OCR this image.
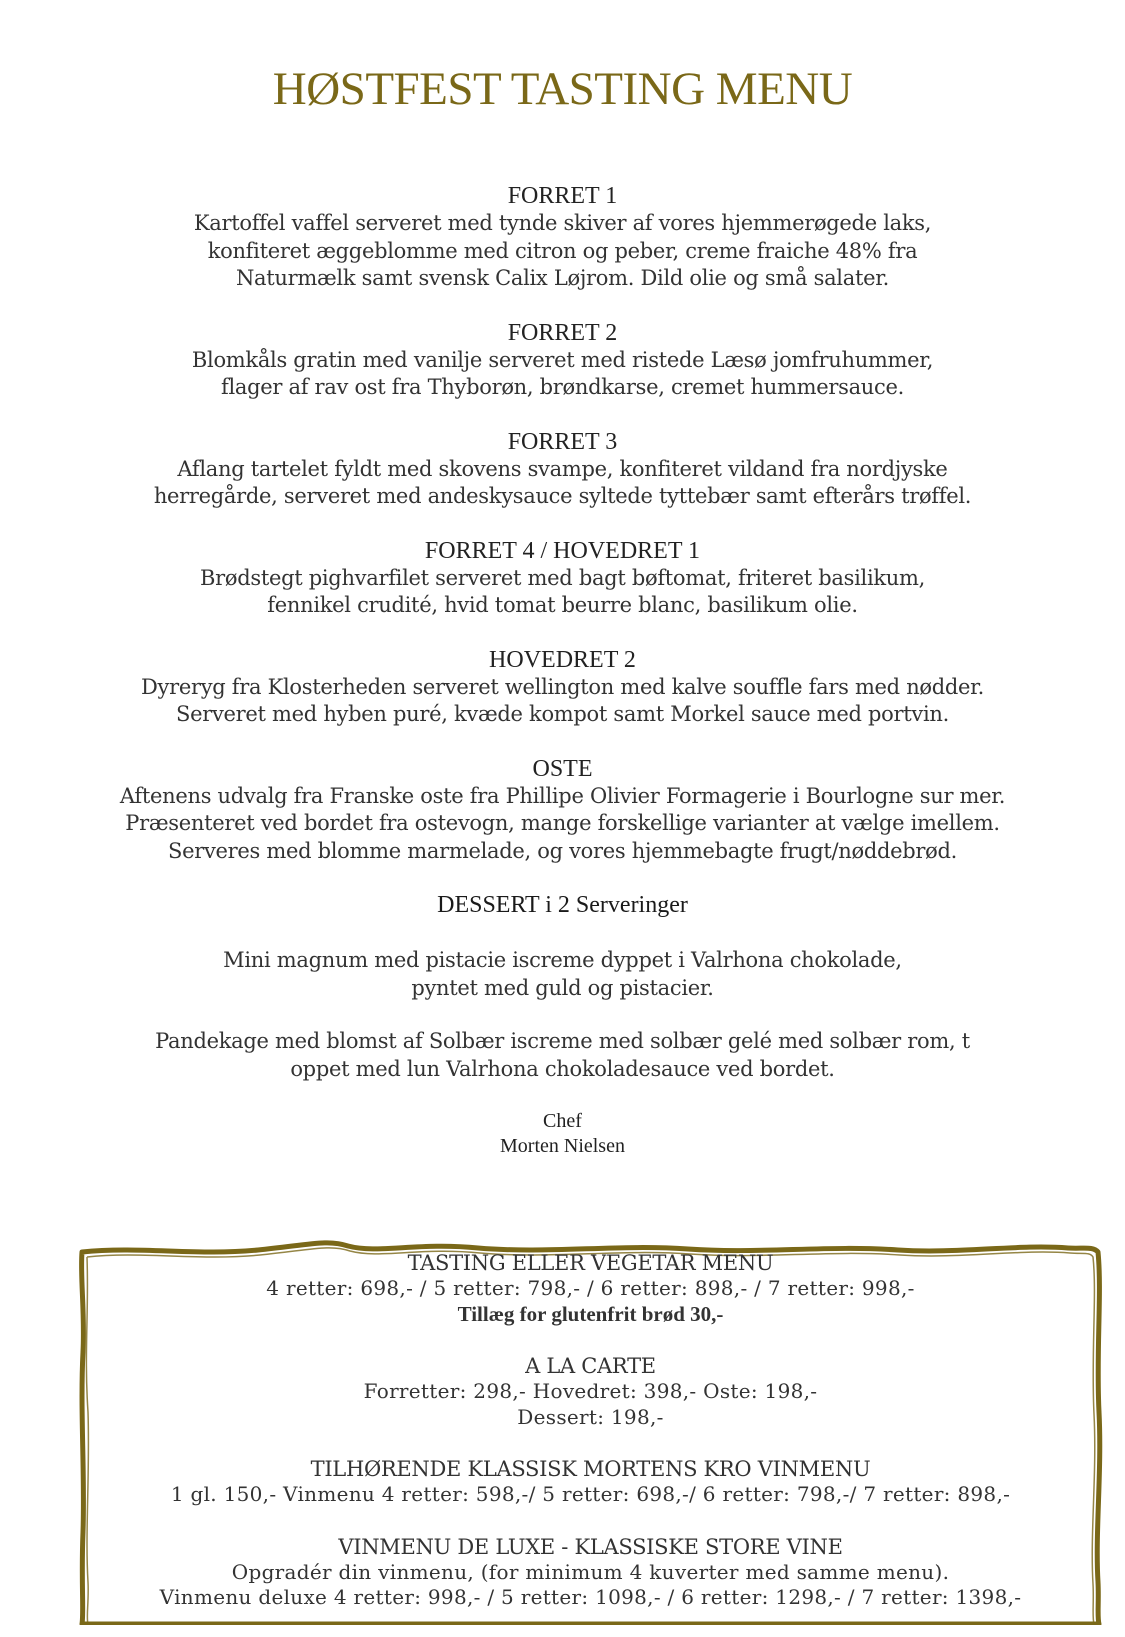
HØSTFEST TASTING MENU
FORRET 1
Kartoffel vaffel serveret med tynde skiver af vores hjemmerøgede laks,
konfiteret æggeblomme med citron og peber, creme fraiche 48% fra
Naturmælk samt svensk Calix Løjrom. Dild olie og små salater.
FORRET 2
Blomkåls gratin med vanilje serveret med ristede Læsø jomfruhummer,
flager af rav ost fra Thyborøn, brøndkarse, cremet hummersauce.
FORRET 3
Aflang tartelet fyldt med skovens svampe, konfiteret vildand fra nordjyske
herregårde, serveret med andeskysauce syltede tyttebær samt efterårs trøffel.
FORRET 4 / HOVEDRET 1
Brødstegt pighvarfilet serveret med bagt bøftomat, friteret basilikum,
fennikel crudité, hvid tomat beurre blanc, basilikum olie.
HOVEDRET 2
Dyreryg fra Klosterheden serveret wellington med kalve souffle fars med nødder.
Serveret med hyben puré, kvæde kompot samt Morkel sauce med portvin.
OSTE
Aftenens udvalg fra Franske oste fra Phillipe Olivier Formagerie i Bourlogne sur mer.
Præsenteret ved bordet fra ostevogn, mange forskellige varianter at vælge imellem.
Serveres med blomme marmelade, og vores hjemmebagte frugt/nøddebrød.
DESSERT i 2 Serveringer
Mini magnum med pistacie iscreme dyppet i Valrhona chokolade,
pyntet med guld og pistacier.
Pandekage med blomst af Solbær iscreme med solbær gelé med solbær rom, t
oppet med lun Valrhona chokoladesauce ved bordet.
Chef
Morten Nielsen
TASTING ELLER VEGETAR MENU
4 retter: 698,- / 5 retter: 798,- / 6 retter: 898,- / 7 retter: 998,-
Tillæg for glutenfrit brød 30,-
A LA CARTE
Forretter: 298,- Hovedret: 398,- Oste: 198,-
Dessert: 198,-
TILHØRENDE KLASSISK MORTENS KRO VINMENU
1 gl. 150,- Vinmenu 4 retter: 598,-/ 5 retter: 698,-/ 6 retter: 798,-/ 7 retter: 898,-
VINMENU DE LUXE - KLASSISKE STORE VINE
Opgradér din vinmenu, (for minimum 4 kuverter med samme menu).
Vinmenu deluxe 4 retter: 998,- / 5 retter: 1098,- / 6 retter: 1298,- / 7 retter: 1398,-
